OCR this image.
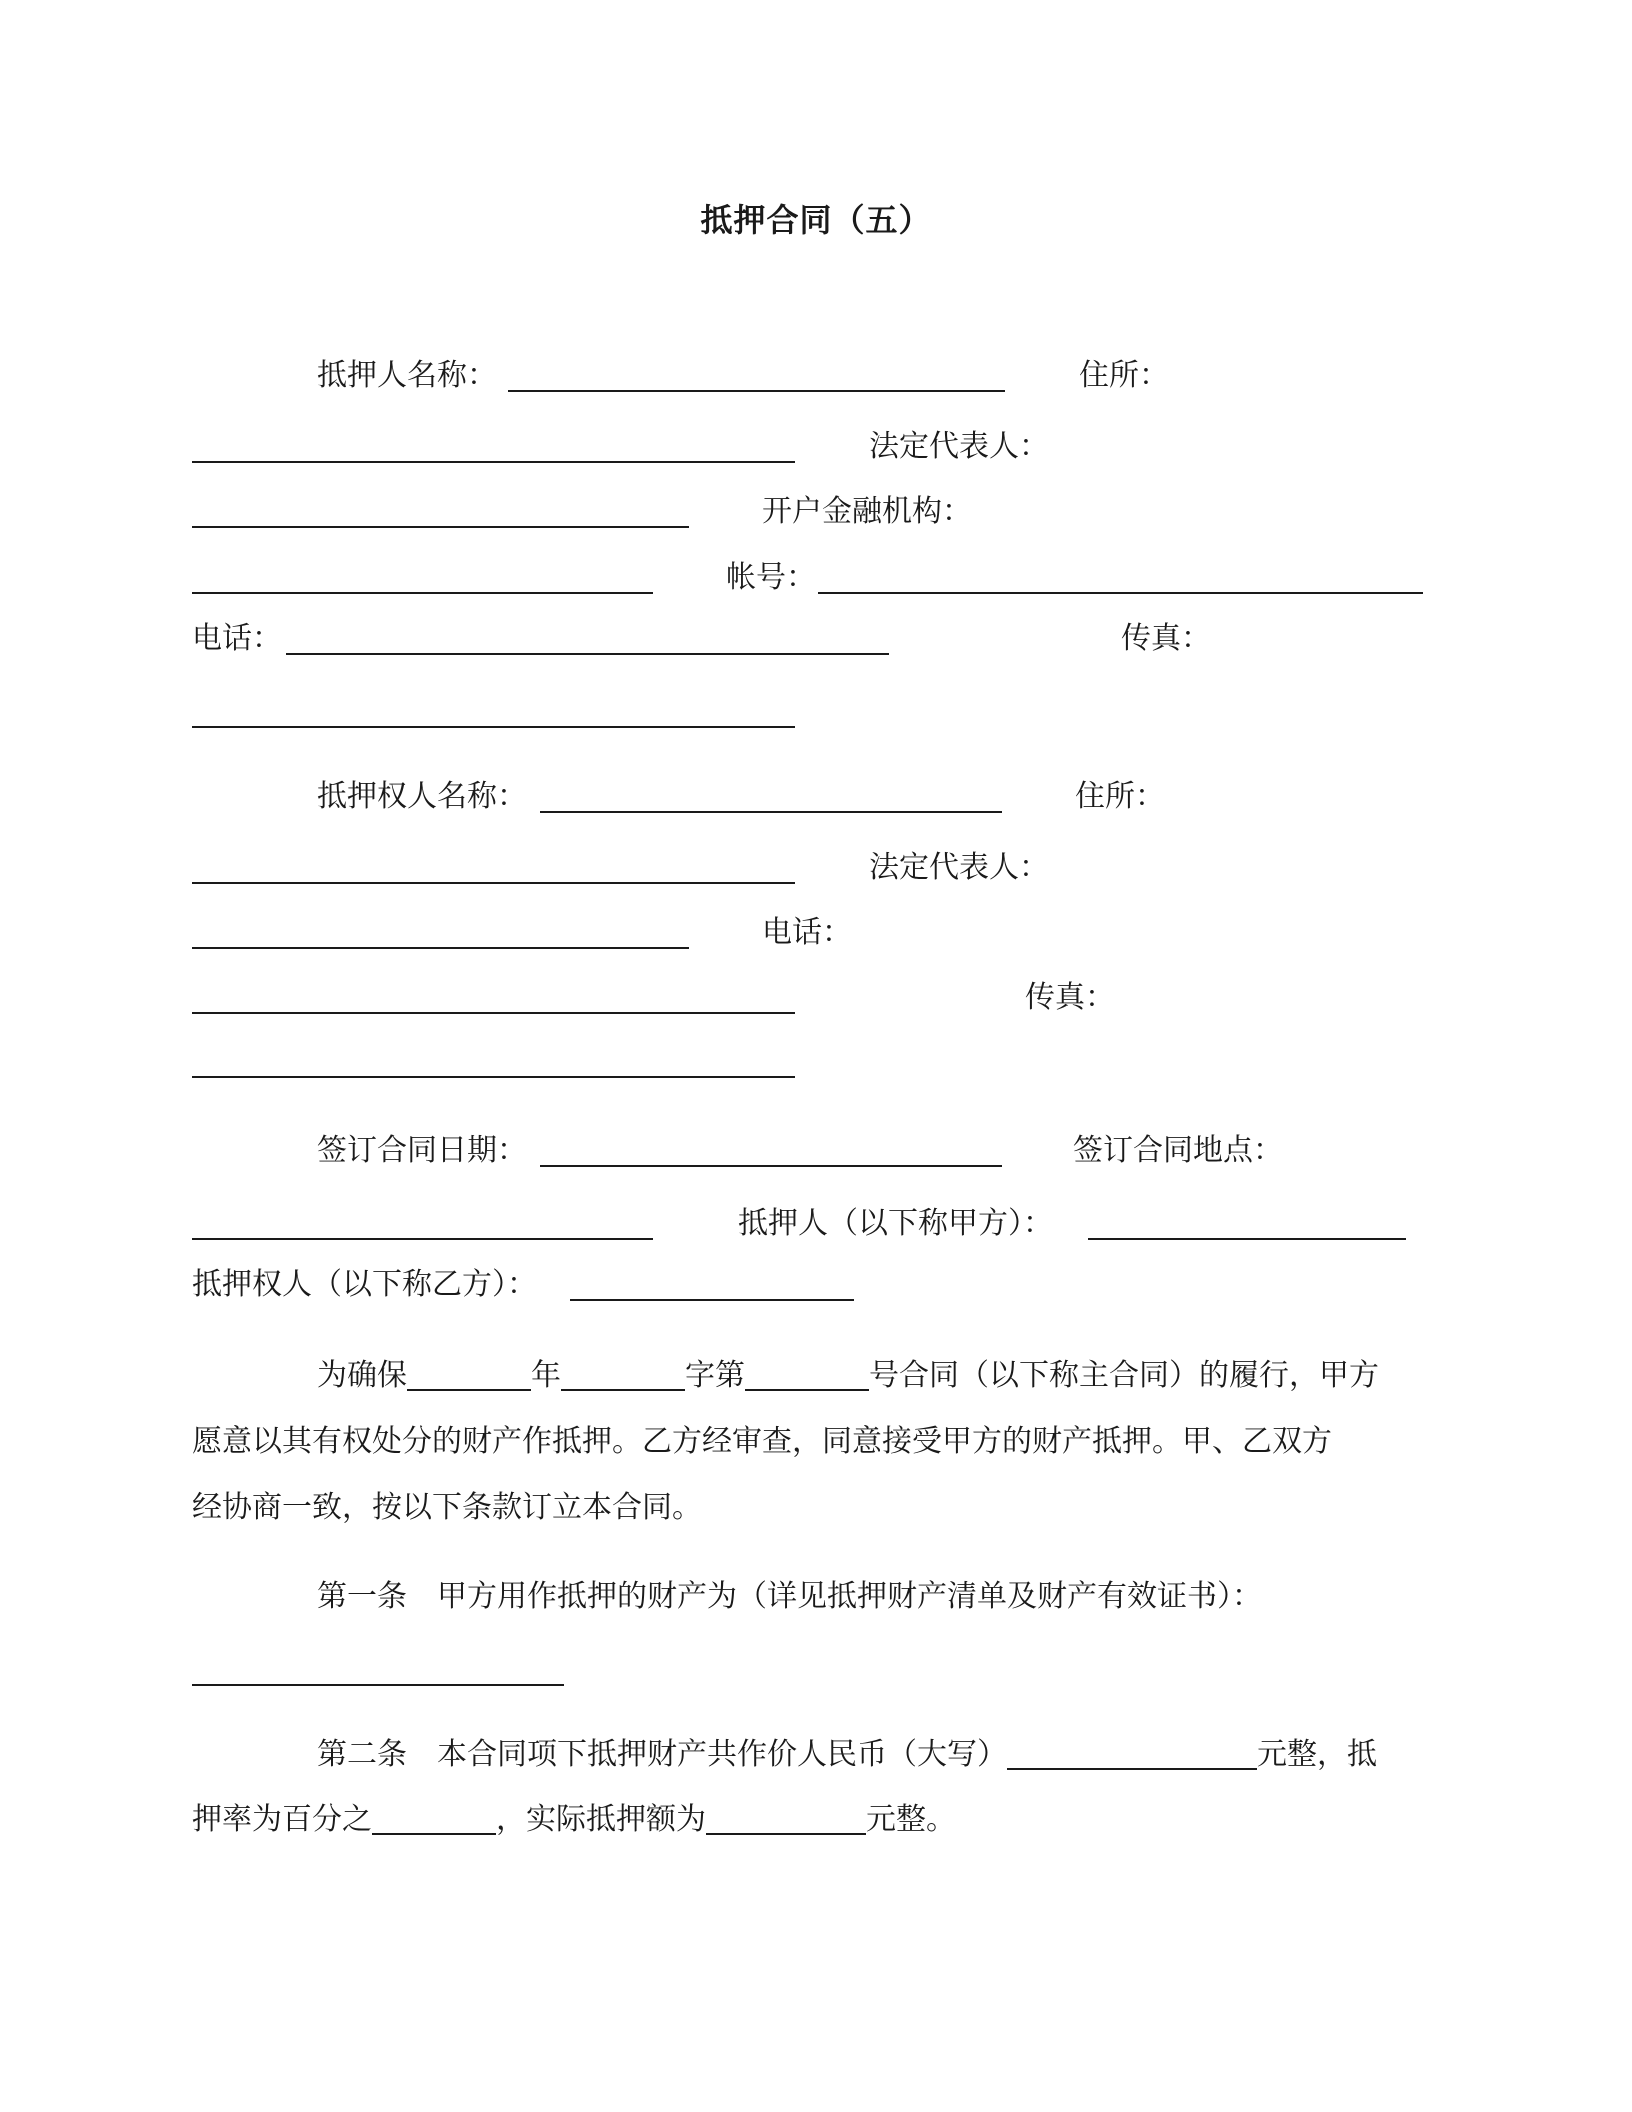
抵押合同（五）
抵押人名称：	住所：
法定代表人：
开户金融机构：
帐号：
电话：	传真：
抵押权人名称：	住所：
法定代表人：
电话：
传真：
签订合同日期：	签订合同地点：
抵押人（以下称甲方）：
抵押权人（以下称乙方）：
为确保	年	字第	号合同（以下称主合同）的履行，甲方
愿意以其有权处分的财产作抵押。乙方经审查，同意接受甲方的财产抵押。甲、乙双方
经协商一致，按以下条款订立本合同。
第一条　甲方用作抵押的财产为（详见抵押财产清单及财产有效证书）：
第二条　本合同项下抵押财产共作价人民币（大写）	元整，抵
押率为百分之	，实际抵押额为	元整。
